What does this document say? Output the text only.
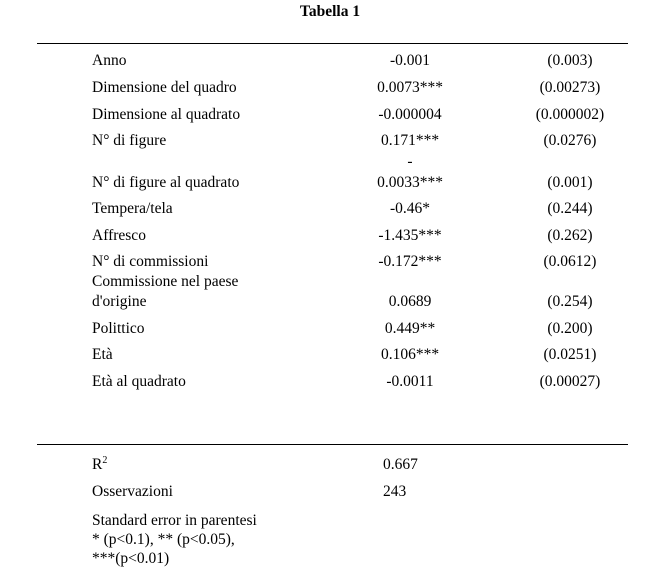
Tabella 1
Anno	-0.001	(0.003)
Dimensione del quadro	0.0073***	(0.00273)
Dimensione al quadrato	-0.000004	(0.000002)
N° di figure	0.171***	(0.0276)
-
N° di figure al quadrato	0.0033***	(0.001)
Tempera/tela	-0.46*	(0.244)
Affresco	-1.435***	(0.262)
N° di commissioni	-0.172***	(0.0612)
Commissione nel paese
d'origine	0.0689	(0.254)
Polittico	0.449**	(0.200)
Età	0.106***	(0.0251)
Età al quadrato	-0.0011	(0.00027)
$R^2$	0.667
Osservazioni	243
Standard error in parentesi
* (p<0.1), ** (p<0.05),
***(p<0.01)
